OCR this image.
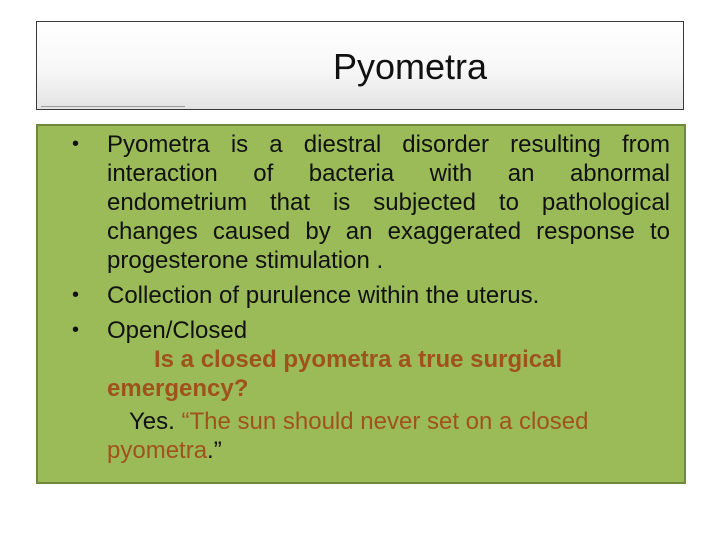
Pyometra
• Pyometra is a diestral disorder resulting from interaction of bacteria with an abnormal endometrium that is subjected to pathological changes caused by an exaggerated response to progesterone stimulation .
• Collection of purulence within the uterus.
• Open/Closed
Is a closed pyometra a true surgical
emergency?
Yes. “The sun should never set on a closed
pyometra.”
